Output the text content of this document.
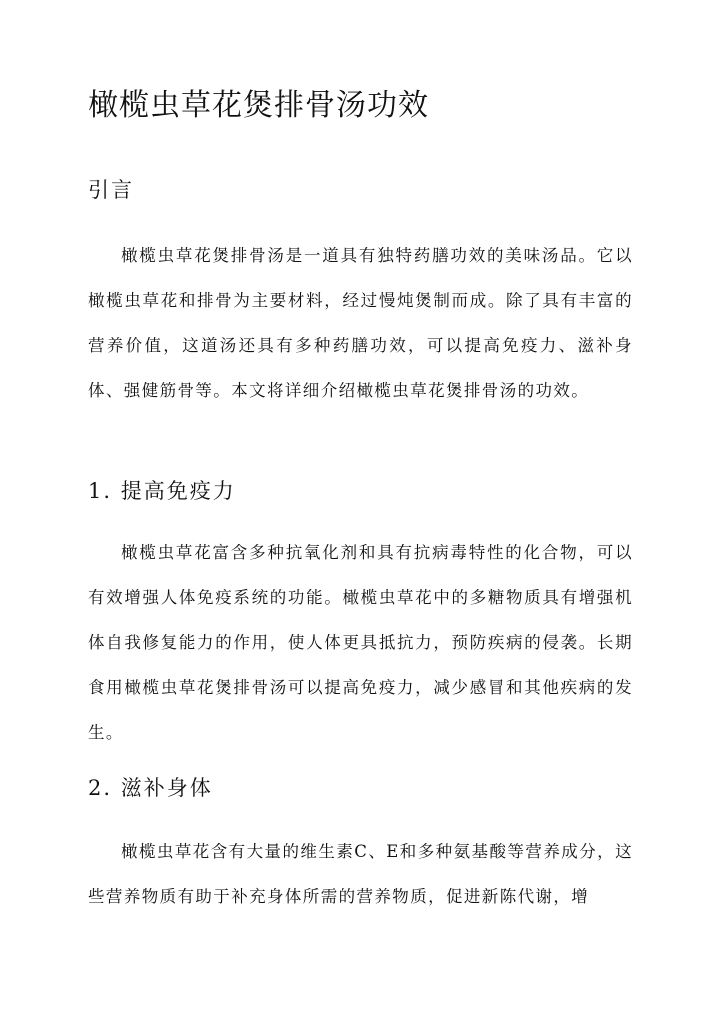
橄榄虫草花煲排骨汤功效
引言

橄榄虫草花煲排骨汤是一道具有独特药膳功效的美味汤品。它以橄榄虫草花和排骨为主要材料，经过慢炖煲制而成。除了具有丰富的营养价值，这道汤还具有多种药膳功效，可以提高免疫力、滋补身体、强健筋骨等。本文将详细介绍橄榄虫草花煲排骨汤的功效。

1. 提高免疫力

橄榄虫草花富含多种抗氧化剂和具有抗病毒特性的化合物，可以有效增强人体免疫系统的功能。橄榄虫草花中的多糖物质具有增强机体自我修复能力的作用，使人体更具抵抗力，预防疾病的侵袭。长期食用橄榄虫草花煲排骨汤可以提高免疫力，减少感冒和其他疾病的发生。

2. 滋补身体

橄榄虫草花含有大量的维生素C、E和多种氨基酸等营养成分，这些营养物质有助于补充身体所需的营养物质，促进新陈代谢，增
